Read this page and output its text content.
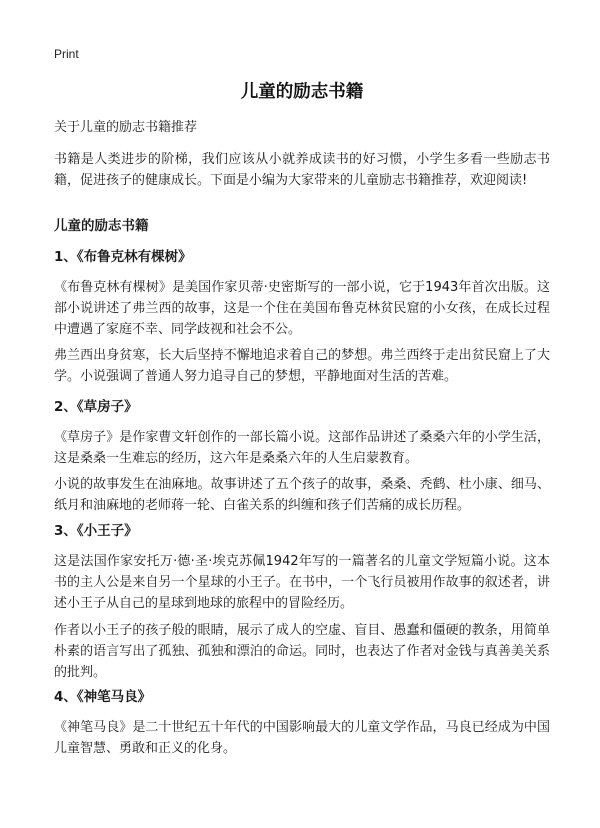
Print
儿童的励志书籍
关于儿童的励志书籍推荐

书籍是人类进步的阶梯，我们应该从小就养成读书的好习惯，小学生多看一些励志书籍，促进孩子的健康成长。下面是小编为大家带来的儿童励志书籍推荐，欢迎阅读!

儿童的励志书籍
1、《布鲁克林有棵树》

《布鲁克林有棵树》是美国作家贝蒂·史密斯写的一部小说，它于1943年首次出版。这部小说讲述了弗兰西的故事，这是一个住在美国布鲁克林贫民窟的小女孩，在成长过程中遭遇了家庭不幸、同学歧视和社会不公。

弗兰西出身贫寒，长大后坚持不懈地追求着自己的梦想。弗兰西终于走出贫民窟上了大学。小说强调了普通人努力追寻自己的梦想，平静地面对生活的苦难。

2、《草房子》

《草房子》是作家曹文轩创作的一部长篇小说。这部作品讲述了桑桑六年的小学生活，这是桑桑一生难忘的经历，这六年是桑桑六年的人生启蒙教育。

小说的故事发生在油麻地。故事讲述了五个孩子的故事，桑桑、秃鹤、杜小康、细马、纸月和油麻地的老师蒋一轮、白雀关系的纠缠和孩子们苦痛的成长历程。

3、《小王子》

这是法国作家安托万·德·圣·埃克苏佩1942年写的一篇著名的儿童文学短篇小说。这本书的主人公是来自另一个星球的小王子。在书中，一个飞行员被用作故事的叙述者，讲述小王子从自己的星球到地球的旅程中的冒险经历。

作者以小王子的孩子般的眼睛，展示了成人的空虚、盲目、愚蠢和僵硬的教条，用简单朴素的语言写出了孤独、孤独和漂泊的命运。同时，也表达了作者对金钱与真善美关系的批判。

4、《神笔马良》

《神笔马良》是二十世纪五十年代的中国影响最大的儿童文学作品，马良已经成为中国儿童智慧、勇敢和正义的化身。
